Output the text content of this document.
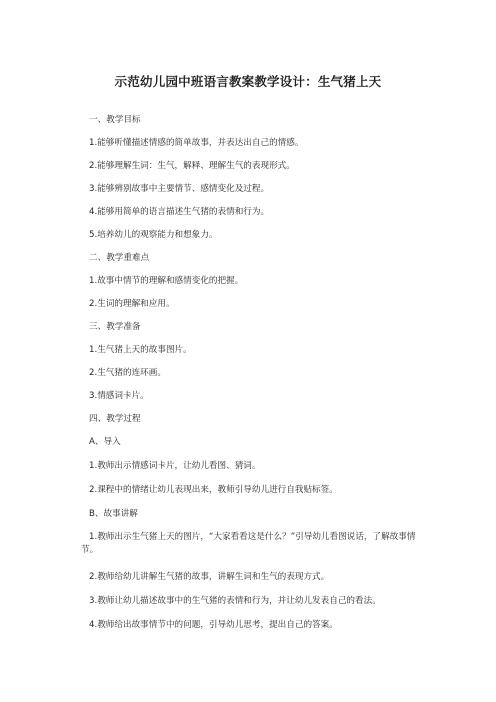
示范幼儿园中班语言教案教学设计：生气猪上天
一、教学目标
1.能够听懂描述情感的简单故事，并表达出自己的情感。
2.能够理解生词：生气，解释、理解生气的表现形式。
3.能够辨别故事中主要情节、感情变化及过程。
4.能够用简单的语言描述生气猪的表情和行为。
5.培养幼儿的观察能力和想象力。
二、教学重难点
1.故事中情节的理解和感情变化的把握。
2.生词的理解和应用。
三、教学准备
1.生气猪上天的故事图片。
2.生气猪的连环画。
3.情感词卡片。
四、教学过程
A、导入
1.教师出示情感词卡片，让幼儿看图、猜词。
2.课程中的情绪让幼儿表现出来，教师引导幼儿进行自我贴标签。
B、故事讲解
1.教师出示生气猪上天的图片，“大家看看这是什么？”引导幼儿看图说话，了解故事情节。
2.教师给幼儿讲解生气猪的故事，讲解生词和生气的表现方式。
3.教师让幼儿描述故事中的生气猪的表情和行为，并让幼儿发表自己的看法。
4.教师给出故事情节中的问题，引导幼儿思考，提出自己的答案。
